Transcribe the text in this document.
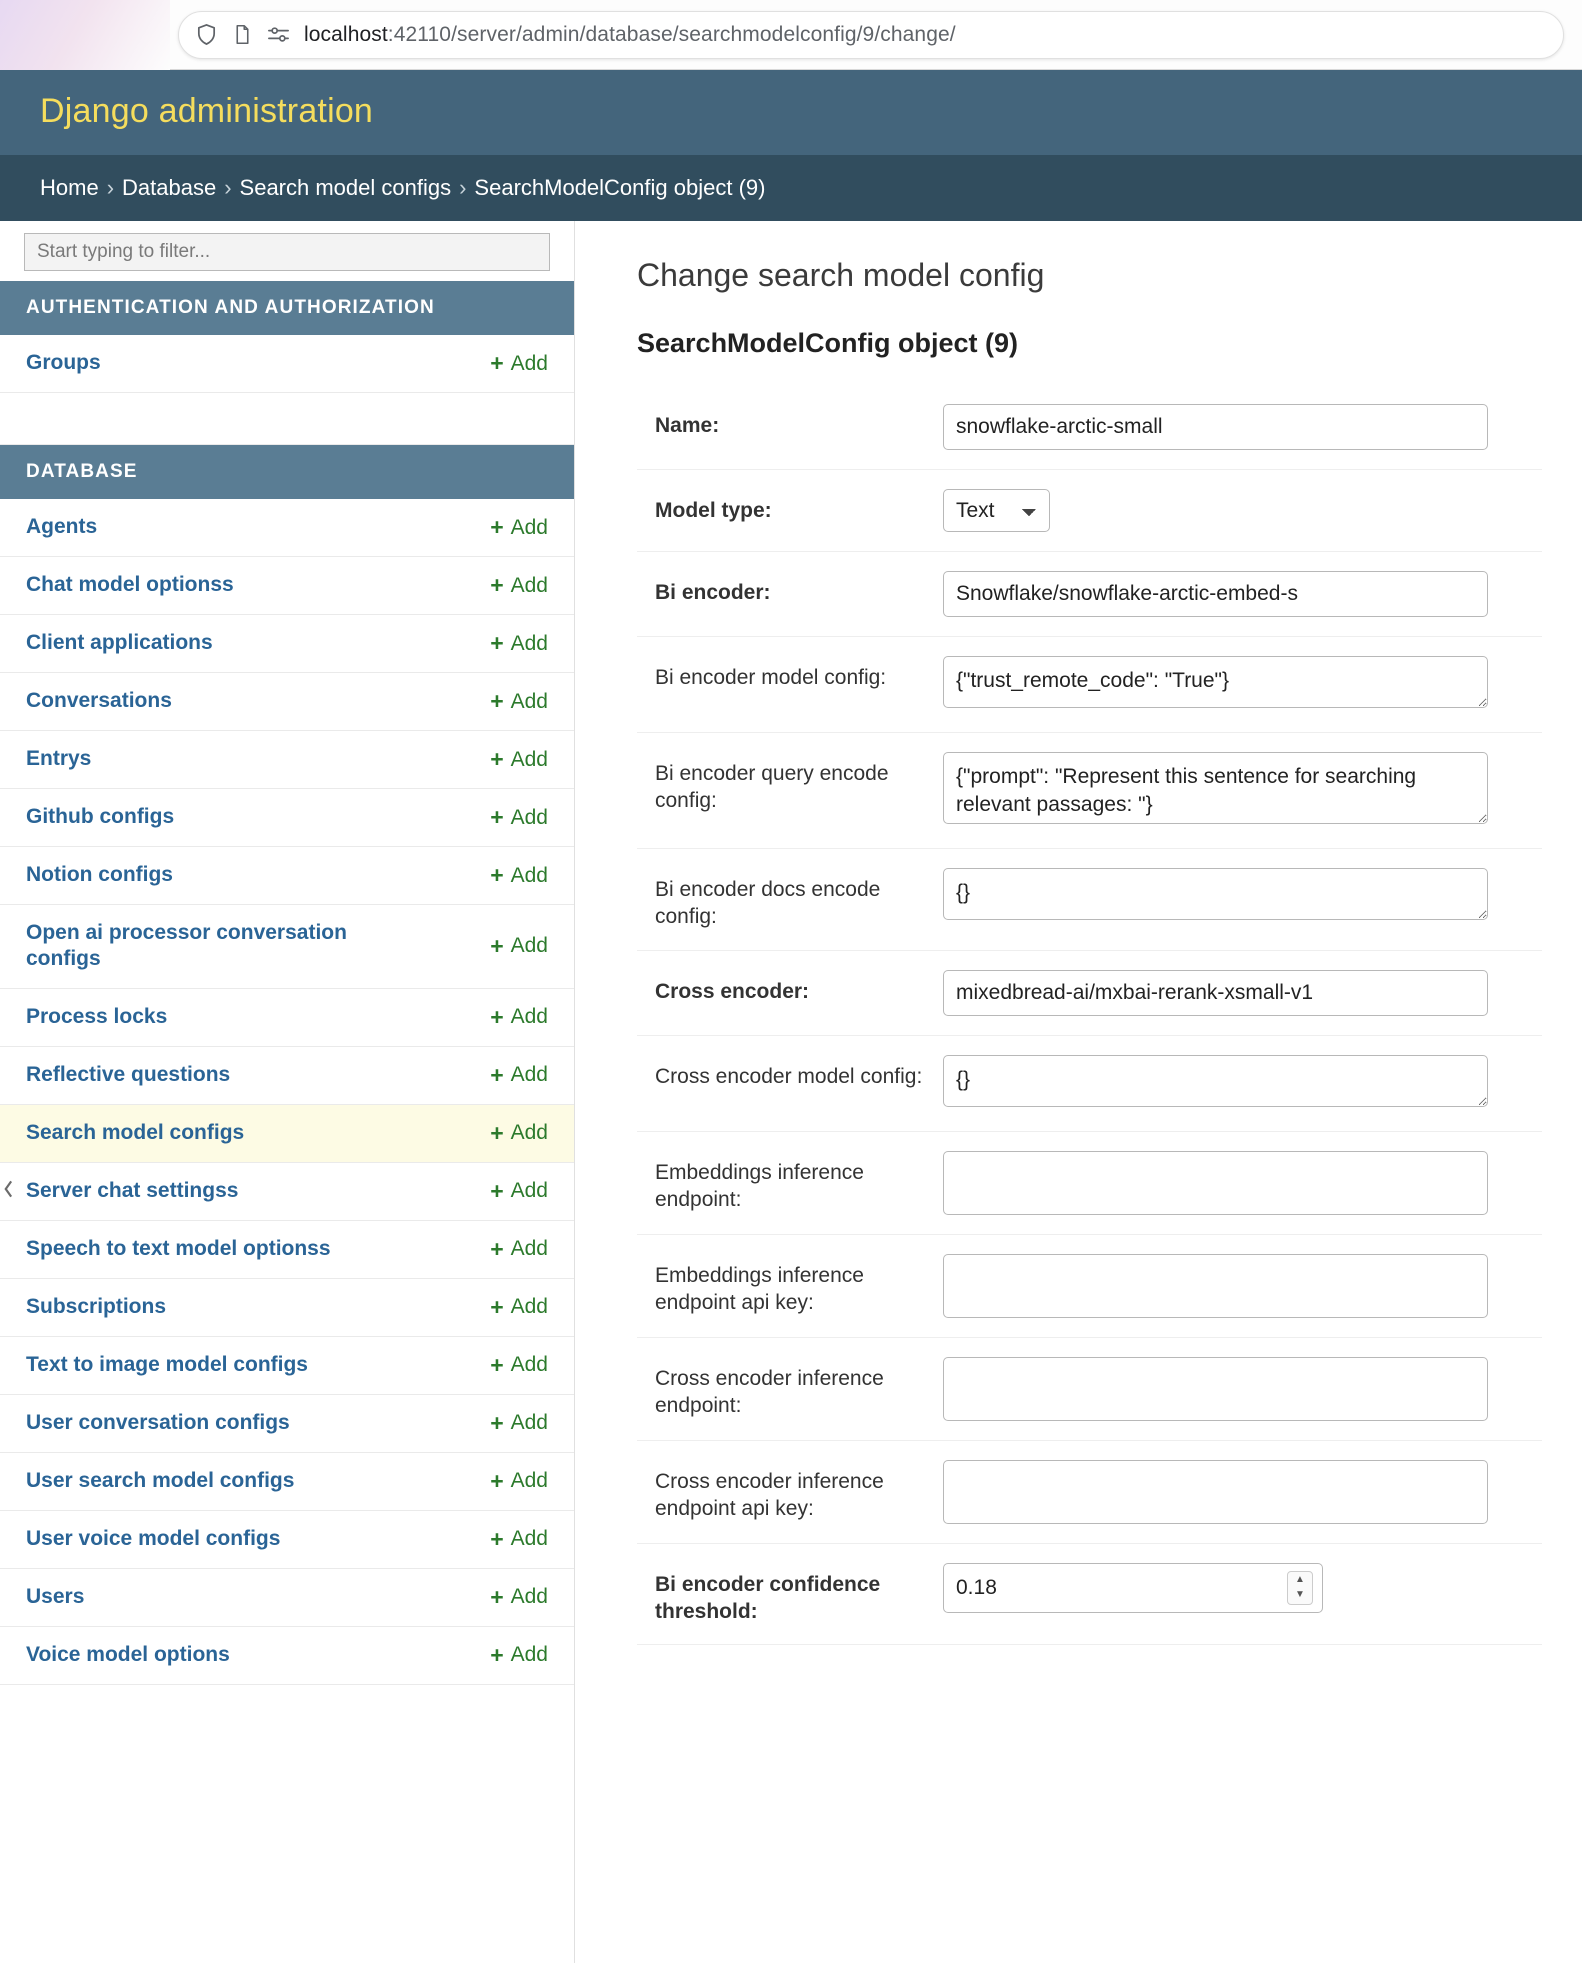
localhost:42110/server/admin/database/searchmodelconfig/9/change/
Django administration
Home › Database › Search model configs › SearchModelConfig object (9)
Start typing to filter...
AUTHENTICATION AND AUTHORIZATION
Groups	+ Add
DATABASE
Agents	+ Add
Chat model optionss	+ Add
Client applications	+ Add
Conversations	+ Add
Entrys	+ Add
Github configs	+ Add
Notion configs	+ Add
Open ai processor conversation configs	+ Add
Process locks	+ Add
Reflective questions	+ Add
Search model configs	+ Add
Server chat settingss	+ Add
Speech to text model optionss	+ Add
Subscriptions	+ Add
Text to image model configs	+ Add
User conversation configs	+ Add
User search model configs	+ Add
User voice model configs	+ Add
Users	+ Add
Voice model options	+ Add
Change search model config
SearchModelConfig object (9)
Name:
snowflake-arctic-small
Model type:
Text
Bi encoder:
Snowflake/snowflake-arctic-embed-s
Bi encoder model config:
{"trust_remote_code": "True"}
Bi encoder query encode config:
{"prompt": "Represent this sentence for searching relevant passages: "}
Bi encoder docs encode config:
{}
Cross encoder:
mixedbread-ai/mxbai-rerank-xsmall-v1
Cross encoder model config:
{}
Embeddings inference endpoint:
Embeddings inference endpoint api key:
Cross encoder inference endpoint:
Cross encoder inference endpoint api key:
Bi encoder confidence threshold:
0.18
▲
▼
